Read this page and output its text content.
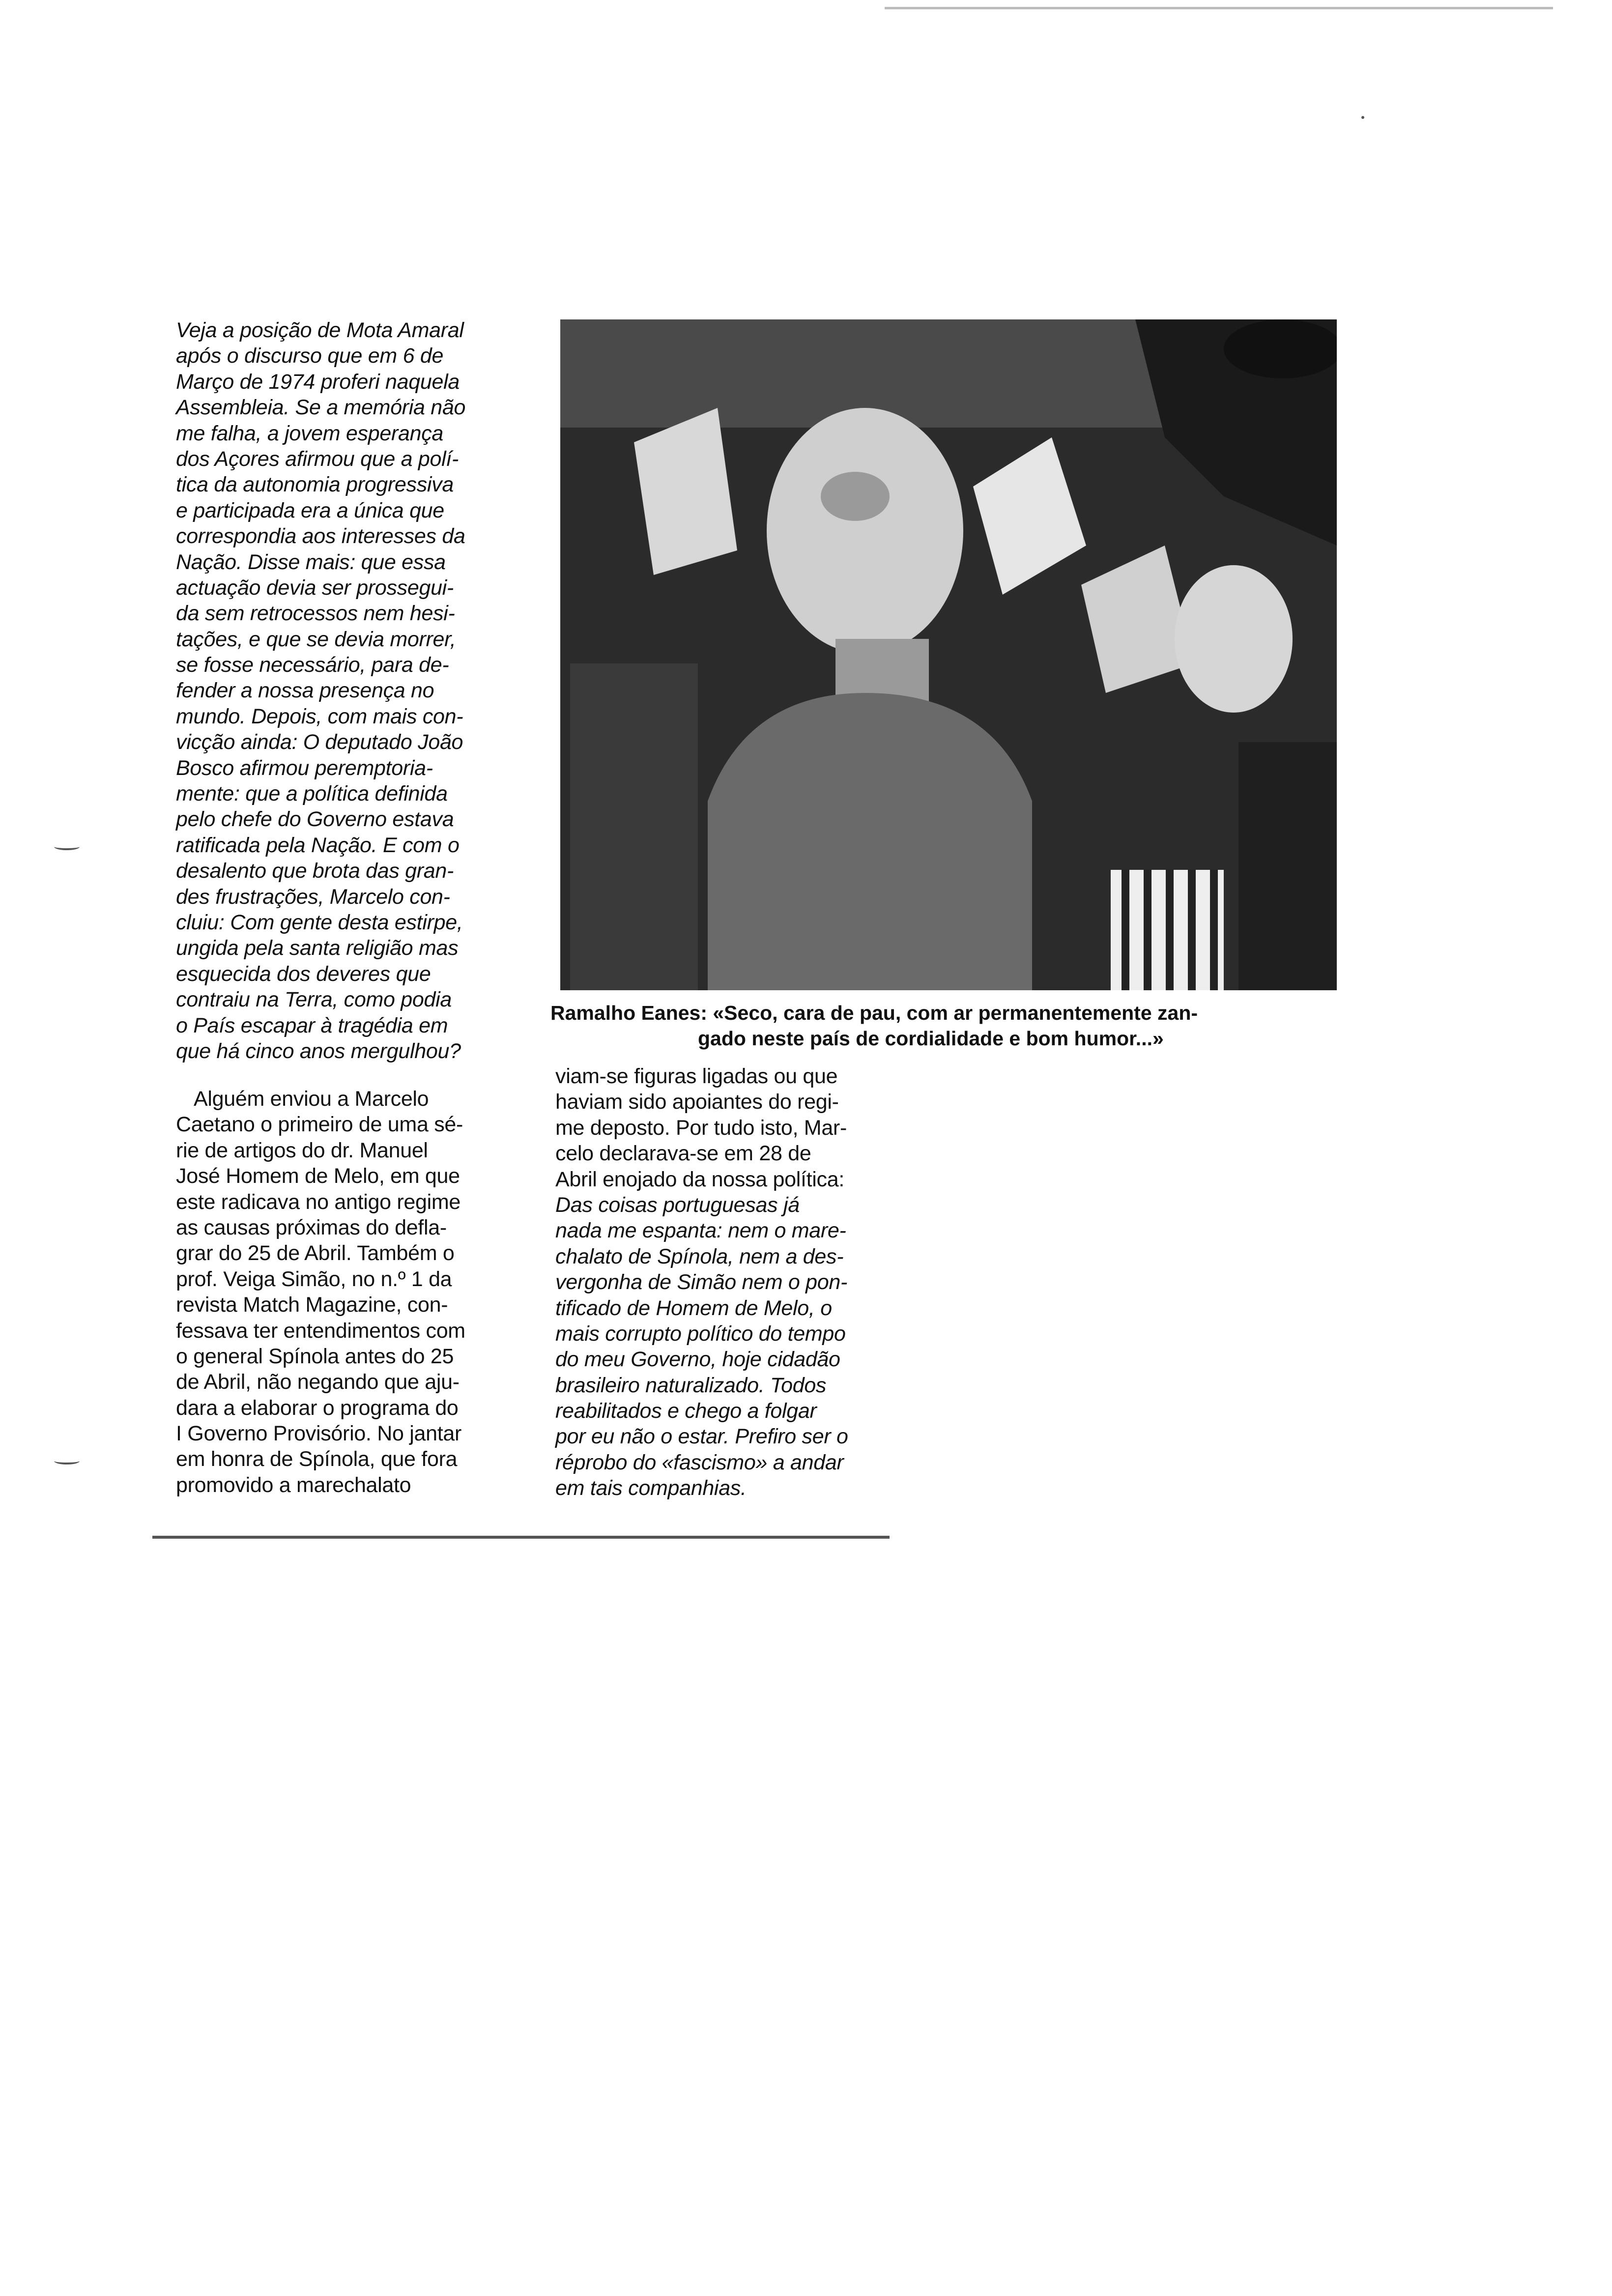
Veja a posição de Mota Amaral
após o discurso que em 6 de
Março de 1974 proferi naquela
Assembleia. Se a memória não
me falha, a jovem esperança
dos Açores afirmou que a polí-
tica da autonomia progressiva
e participada era a única que
correspondia aos interesses da
Nação. Disse mais: que essa
actuação devia ser prossegui-
da sem retrocessos nem hesi-
tações, e que se devia morrer,
se fosse necessário, para de-
fender a nossa presença no
mundo. Depois, com mais con-
vicção ainda: O deputado João
Bosco afirmou peremptoria-
mente: que a política definida
pelo chefe do Governo estava
ratificada pela Nação. E com o
desalento que brota das gran-
des frustrações, Marcelo con-
cluiu: Com gente desta estirpe,
ungida pela santa religião mas
esquecida dos deveres que
contraiu na Terra, como podia
o País escapar à tragédia em
que há cinco anos mergulhou?
Ramalho Eanes: «Seco, cara de pau, com ar permanentemente zan-
gado neste país de cordialidade e bom humor...»
Alguém enviou a Marcelo
Caetano o primeiro de uma sé-
rie de artigos do dr. Manuel
José Homem de Melo, em que
este radicava no antigo regime
as causas próximas do defla-
grar do 25 de Abril. Também o
prof. Veiga Simão, no n.º 1 da
revista Match Magazine, con-
fessava ter entendimentos com
o general Spínola antes do 25
de Abril, não negando que aju-
dara a elaborar o programa do
I Governo Provisório. No jantar
em honra de Spínola, que fora
promovido a marechalato
viam-se figuras ligadas ou que
haviam sido apoiantes do regi-
me deposto. Por tudo isto, Mar-
celo declarava-se em 28 de
Abril enojado da nossa política:
Das coisas portuguesas já
nada me espanta: nem o mare-
chalato de Spínola, nem a des-
vergonha de Simão nem o pon-
tificado de Homem de Melo, o
mais corrupto político do tempo
do meu Governo, hoje cidadão
brasileiro naturalizado. Todos
reabilitados e chego a folgar
por eu não o estar. Prefiro ser o
réprobo do «fascismo» a andar
em tais companhias.
